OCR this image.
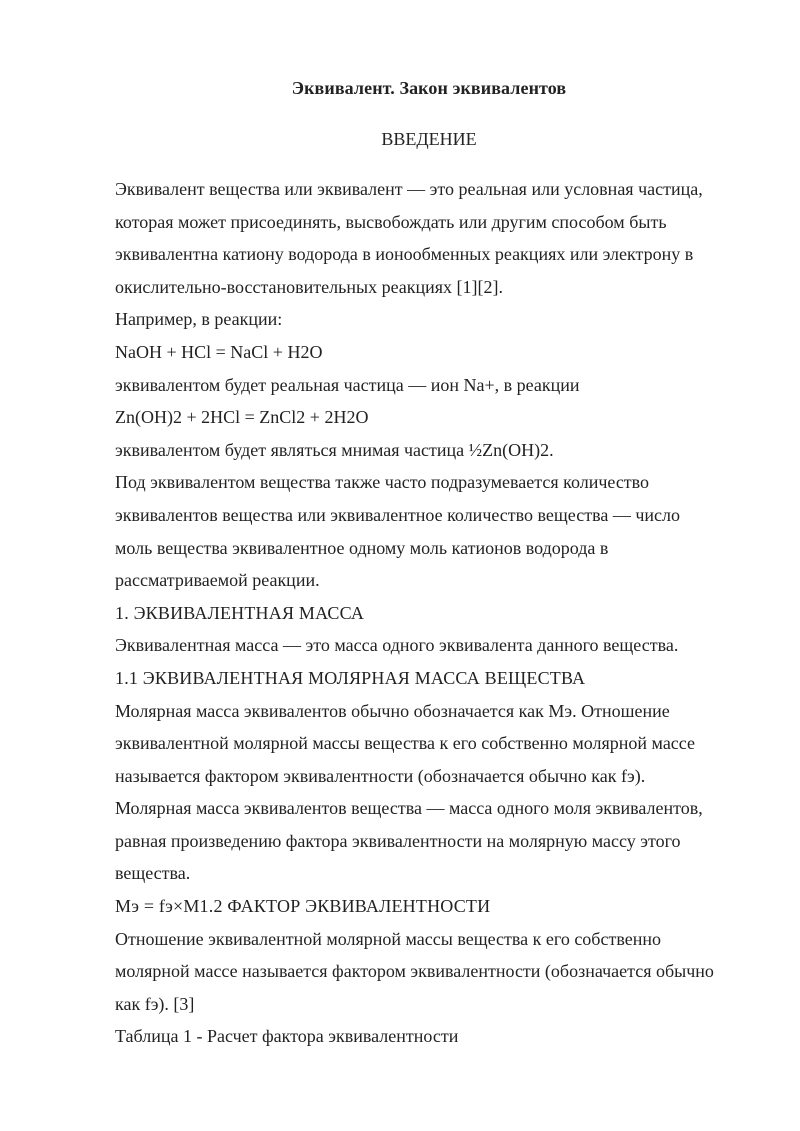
Эквивалент. Закон эквивалентов
ВВЕДЕНИЕ
Эквивалент вещества или эквивалент — это реальная или условная частица,
которая может присоединять, высвобождать или другим способом быть
эквивалентна катиону водорода в ионообменных реакциях или электрону в
окислительно-восстановительных реакциях [1][2].
Например, в реакции:
NaOH + HCl = NaCl + H2O
эквивалентом будет реальная частица — ион Na+, в реакции
Zn(OH)2 + 2HCl = ZnCl2 + 2H2O
эквивалентом будет являться мнимая частица ½Zn(OH)2.
Под эквивалентом вещества также часто подразумевается количество
эквивалентов вещества или эквивалентное количество вещества — число
моль вещества эквивалентное одному моль катионов водорода в
рассматриваемой реакции.
1. ЭКВИВАЛЕНТНАЯ МАССА
Эквивалентная масса — это масса одного эквивалента данного вещества.
1.1 ЭКВИВАЛЕНТНАЯ МОЛЯРНАЯ МАССА ВЕЩЕСТВА
Молярная масса эквивалентов обычно обозначается как Mэ. Отношение
эквивалентной молярной массы вещества к его собственно молярной массе
называется фактором эквивалентности (обозначается обычно как fэ).
Молярная масса эквивалентов вещества — масса одного моля эквивалентов,
равная произведению фактора эквивалентности на молярную массу этого
вещества.
Mэ = fэ×M1.2 ФАКТОР ЭКВИВАЛЕНТНОСТИ
Отношение эквивалентной молярной массы вещества к его собственно
молярной массе называется фактором эквивалентности (обозначается обычно
как fэ). [3]
Таблица 1 - Расчет фактора эквивалентности
